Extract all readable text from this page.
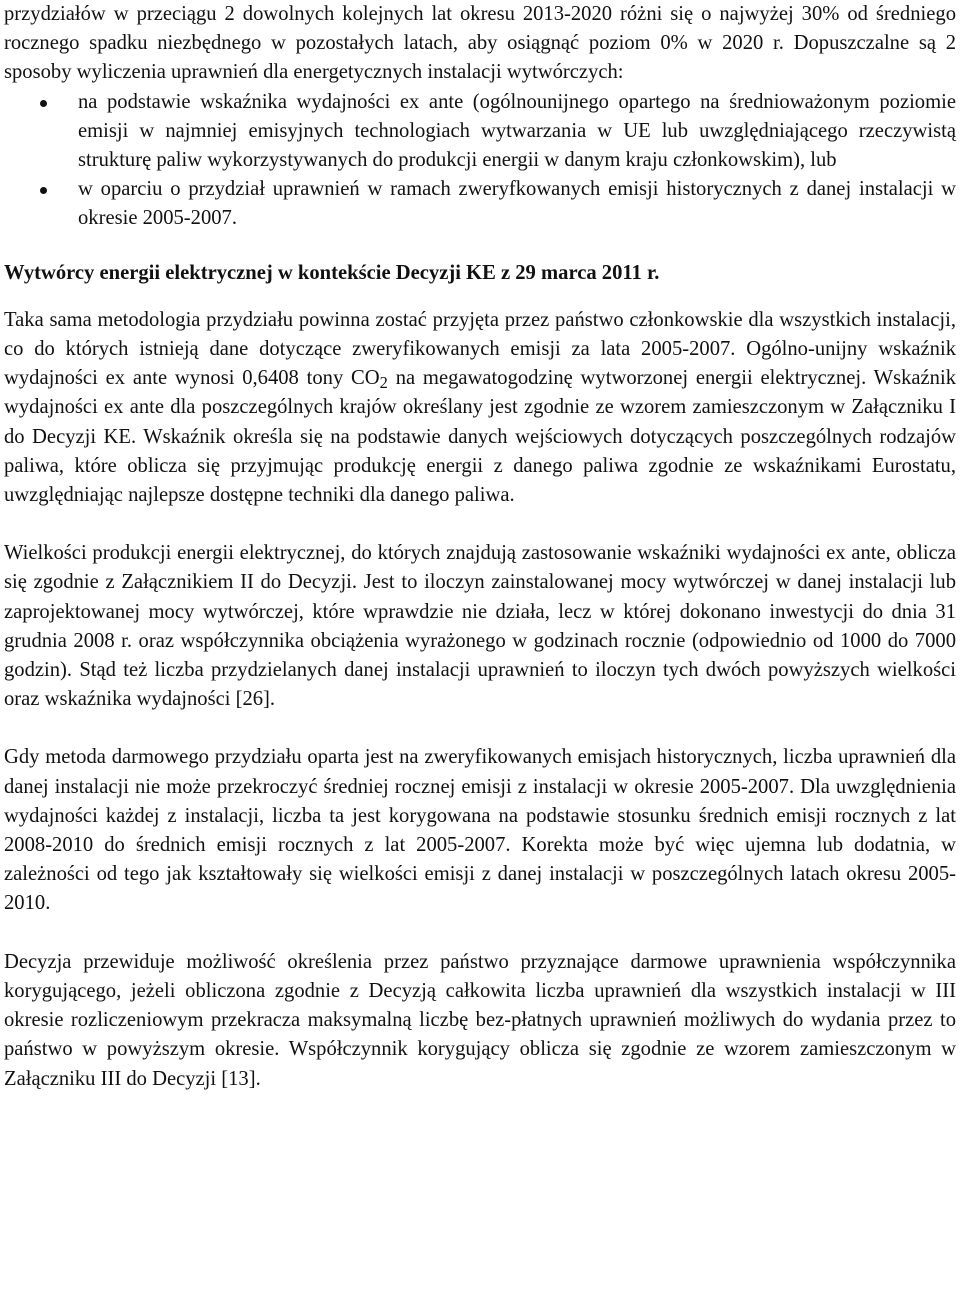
przydziałów w przeciągu 2 dowolnych kolejnych lat okresu 2013-2020 różni się o najwyżej 30% od średniego rocznego spadku niezbędnego w pozostałych latach, aby osiągnąć poziom 0% w 2020 r. Dopuszczalne są 2 sposoby wyliczenia uprawnień dla energetycznych instalacji wytwórczych:

na podstawie wskaźnika wydajności ex ante (ogólnounijnego opartego na średnioważonym poziomie emisji w najmniej emisyjnych technologiach wytwarzania w UE lub uwzględniającego rzeczywistą strukturę paliw wykorzystywanych do produkcji energii w danym kraju członkowskim), lub
w oparciu o przydział uprawnień w ramach zweryfkowanych emisji historycznych z danej instalacji w okresie 2005-2007.

Wytwórcy energii elektrycznej w kontekście Decyzji KE z 29 marca 2011 r.

Taka sama metodologia przydziału powinna zostać przyjęta przez państwo członkowskie dla wszystkich instalacji, co do których istnieją dane dotyczące zweryfikowanych emisji za lata 2005-2007. Ogólno-unijny wskaźnik wydajności ex ante wynosi 0,6408 tony $CO_2$ na megawatogodzinę wytworzonej energii elektrycznej. Wskaźnik wydajności ex ante dla poszczególnych krajów określany jest zgodnie ze wzorem zamieszczonym w Załączniku I do Decyzji KE. Wskaźnik określa się na podstawie danych wejściowych dotyczących poszczególnych rodzajów paliwa, które oblicza się przyjmując produkcję energii z danego paliwa zgodnie ze wskaźnikami Eurostatu, uwzględniając najlepsze dostępne techniki dla danego paliwa.

Wielkości produkcji energii elektrycznej, do których znajdują zastosowanie wskaźniki wydajności ex ante, oblicza się zgodnie z Załącznikiem II do Decyzji. Jest to iloczyn zainstalowanej mocy wytwórczej w danej instalacji lub zaprojektowanej mocy wytwórczej, które wprawdzie nie działa, lecz w której dokonano inwestycji do dnia 31 grudnia 2008 r. oraz współczynnika obciążenia wyrażonego w godzinach rocznie (odpowiednio od 1000 do 7000 godzin). Stąd też liczba przydzielanych danej instalacji uprawnień to iloczyn tych dwóch powyższych wielkości oraz wskaźnika wydajności [26].

Gdy metoda darmowego przydziału oparta jest na zweryfikowanych emisjach historycznych, liczba uprawnień dla danej instalacji nie może przekroczyć średniej rocznej emisji z instalacji w okresie 2005-2007. Dla uwzględnienia wydajności każdej z instalacji, liczba ta jest korygowana na podstawie stosunku średnich emisji rocznych z lat 2008-2010 do średnich emisji rocznych z lat 2005-2007. Korekta może być więc ujemna lub dodatnia, w zależności od tego jak kształtowały się wielkości emisji z danej instalacji w poszczególnych latach okresu 2005-2010.

Decyzja przewiduje możliwość określenia przez państwo przyznające darmowe uprawnienia współczynnika korygującego, jeżeli obliczona zgodnie z Decyzją całkowita liczba uprawnień dla wszystkich instalacji w III okresie rozliczeniowym przekracza maksymalną liczbę bez-płatnych uprawnień możliwych do wydania przez to państwo w powyższym okresie. Współczynnik korygujący oblicza się zgodnie ze wzorem zamieszczonym w Załączniku III do Decyzji [13].
